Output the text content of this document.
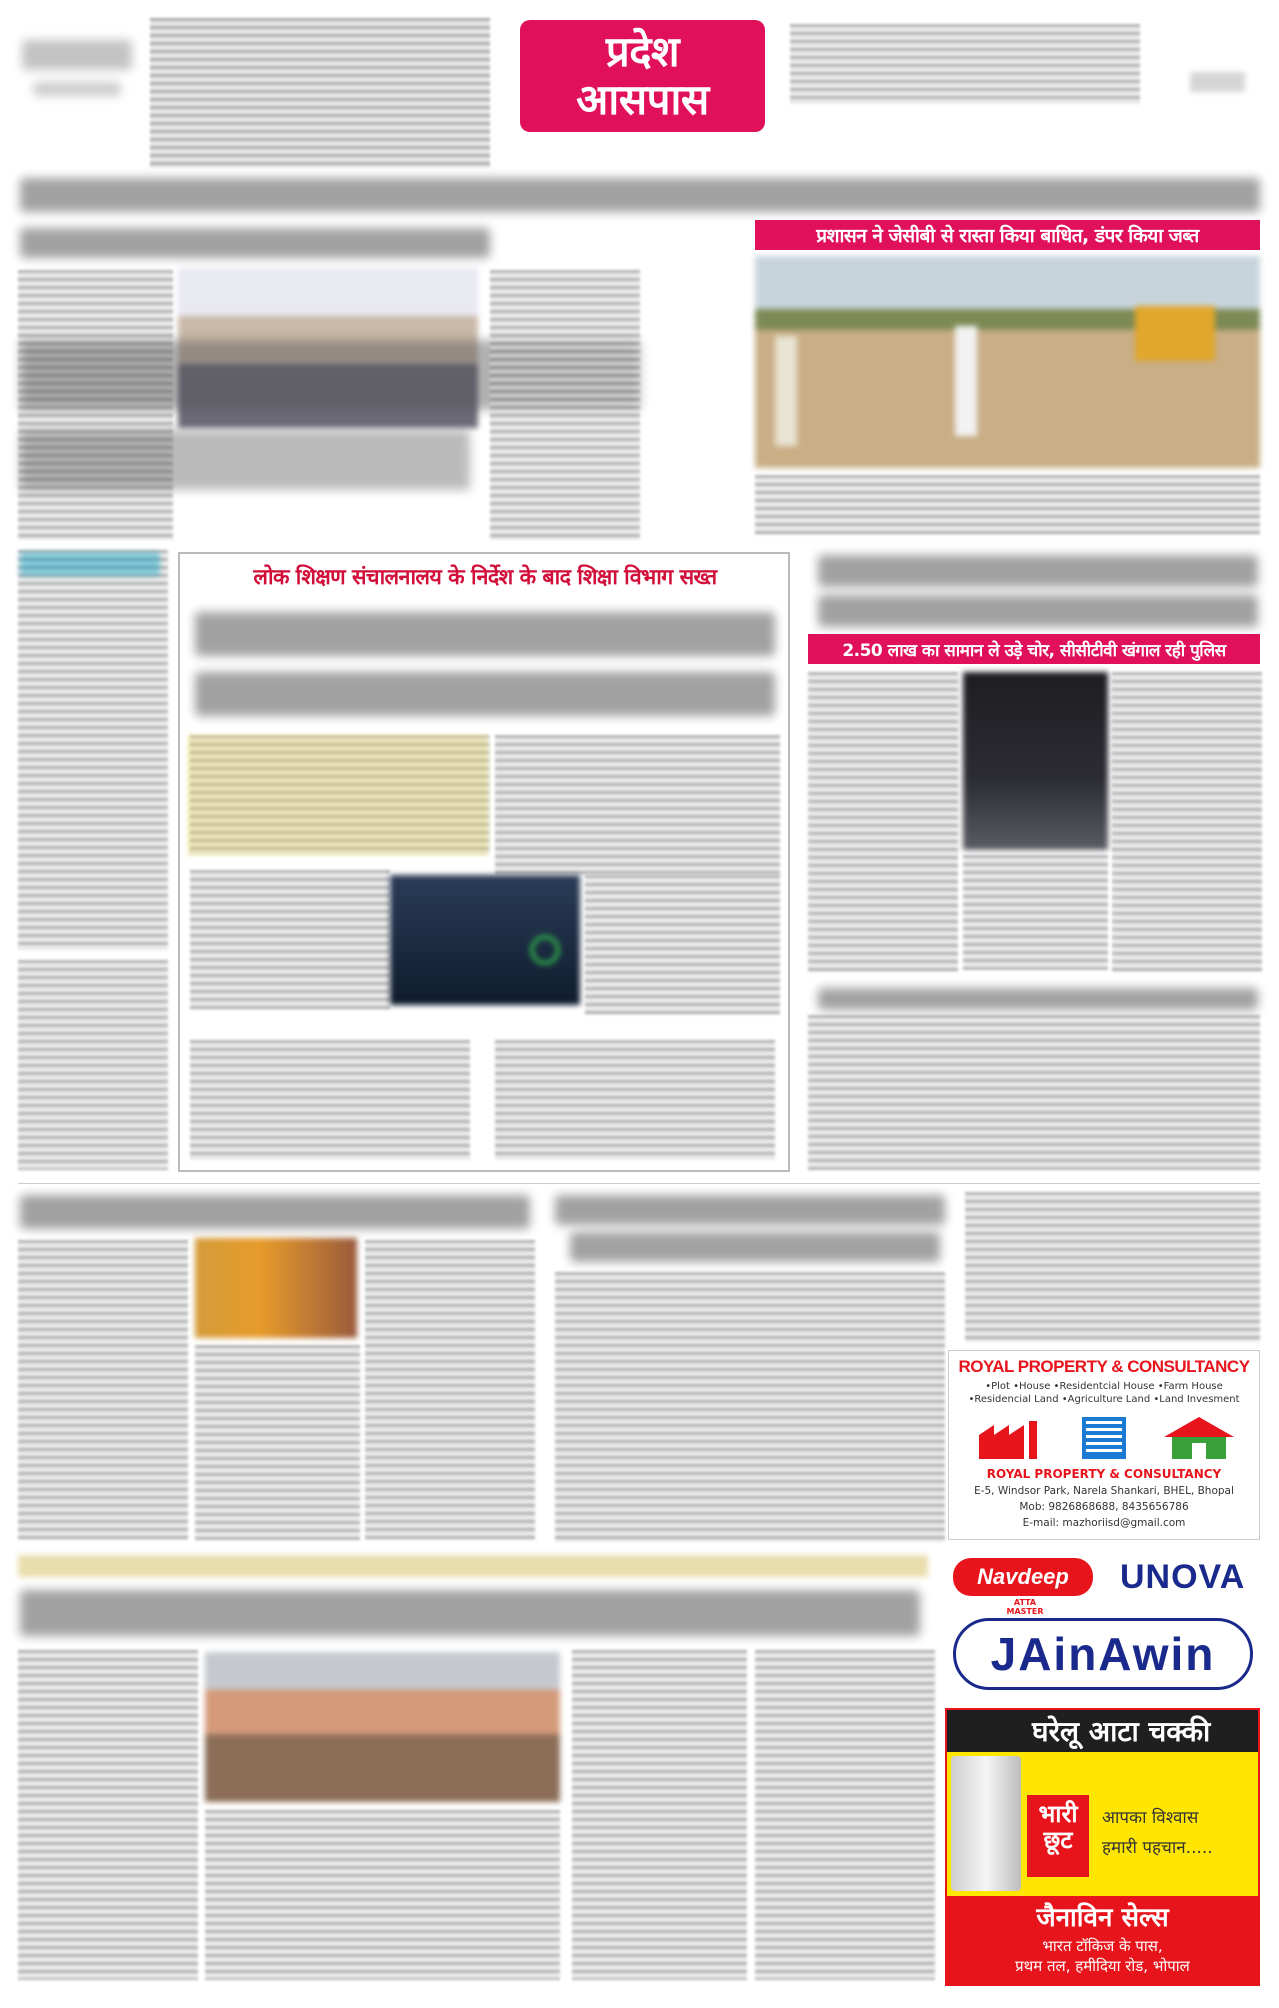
प्रदेश
आसपास
प्रशासन ने जेसीबी से रास्ता किया बाधित, डंपर किया जब्त
लोक शिक्षण संचालनालय के निर्देश के बाद शिक्षा विभाग सख्त
2.50 लाख का सामान ले उड़े चोर, सीसीटीवी खंगाल रही पुलिस
ROYAL PROPERTY & CONSULTANCY
•Plot •House •Residentcial House •Farm House
•Residencial Land •Agriculture Land •Land Invesment
ROYAL PROPERTY & CONSULTANCY
E-5, Windsor Park, Narela Shankari, BHEL, Bhopal
Mob: 9826868688, 8435656786
E-mail: mazhoriisd@gmail.com
Navdeep
ATTA MASTER
UNOVA
JAinAwin
घरेलू आटा चक्की
भारी
छूट
आपका विश्वास
हमारी पहचान.....
जैनाविन सेल्स
भारत टॉकिज के पास,
प्रथम तल, हमीदिया रोड, भोपाल
